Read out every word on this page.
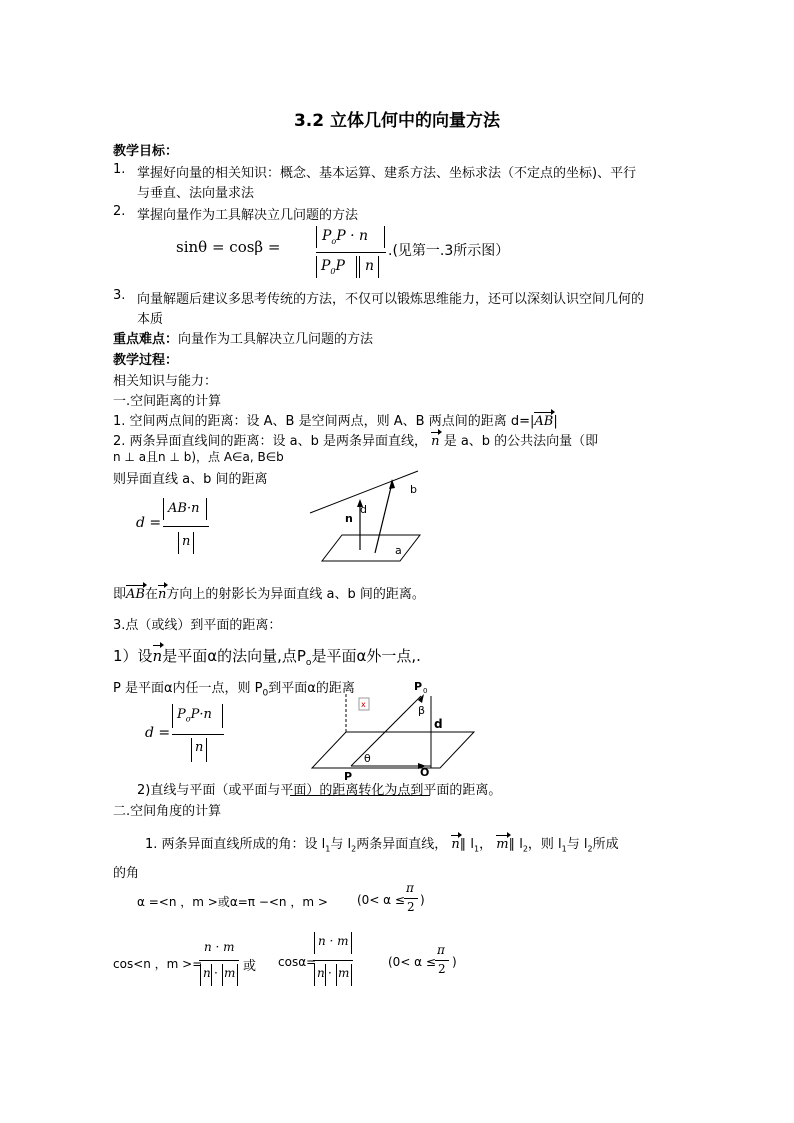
3.2 立体几何中的向量方法
教学目标：
1. 掌握好向量的相关知识：概念、基本运算、建系方法、坐标求法（不定点的坐标)、平行
与垂直、法向量求法
2. 掌握向量作为工具解决立几问题的方法
sinθ = cosβ =
$P_oP \cdot n$
$P_0P$ n
.(见第一.3所示图）
3. 向量解题后建议多思考传统的方法，不仅可以锻炼思维能力，还可以深刻认识空间几何的
本质
重点难点：向量作为工具解决立几问题的方法
教学过程：
相关知识与能力：
一.空间距离的计算
1. 空间两点间的距离：设 A、B 是空间两点，则 A、B 两点间的距离 d=|AB|
2. 两条异面直线间的距离：设 a、b 是两条异面直线， n 是 a、b 的公共法向量（即
n ⊥ a且n ⊥ b)，点 A∈a, B∈b
则异面直线 a、b 间的距离
d =
AB·n
n
b
d
n
a
即AB在n方向上的射影长为异面直线 a、b 间的距离。
3.点（或线）到平面的距离：
1）设n是平面α的法向量,点$P_o$是平面α外一点,.
P 是平面α内任一点，则 $P_0$到平面α的距离
d =
$P_oP\cdot n$
n
x
P 0
β
d
θ
P	O
2)直线与平面（或平面与平面）的距离转化为点到平面的距离。
二.空间角度的计算
1. 两条异面直线所成的角：设 $l_1$与 $l_2$两条异面直线， n∥ $l_1$， m∥ $l_2$，则 $l_1$与 $l_2$所成
的角
α =<n ，m >或α=π −<n ，m > (0< α ≤
π
2 )
cos<n ，m >=
n · m
n · m 或 cosα=
n · m
n · m
(0< α ≤
π
2 )
